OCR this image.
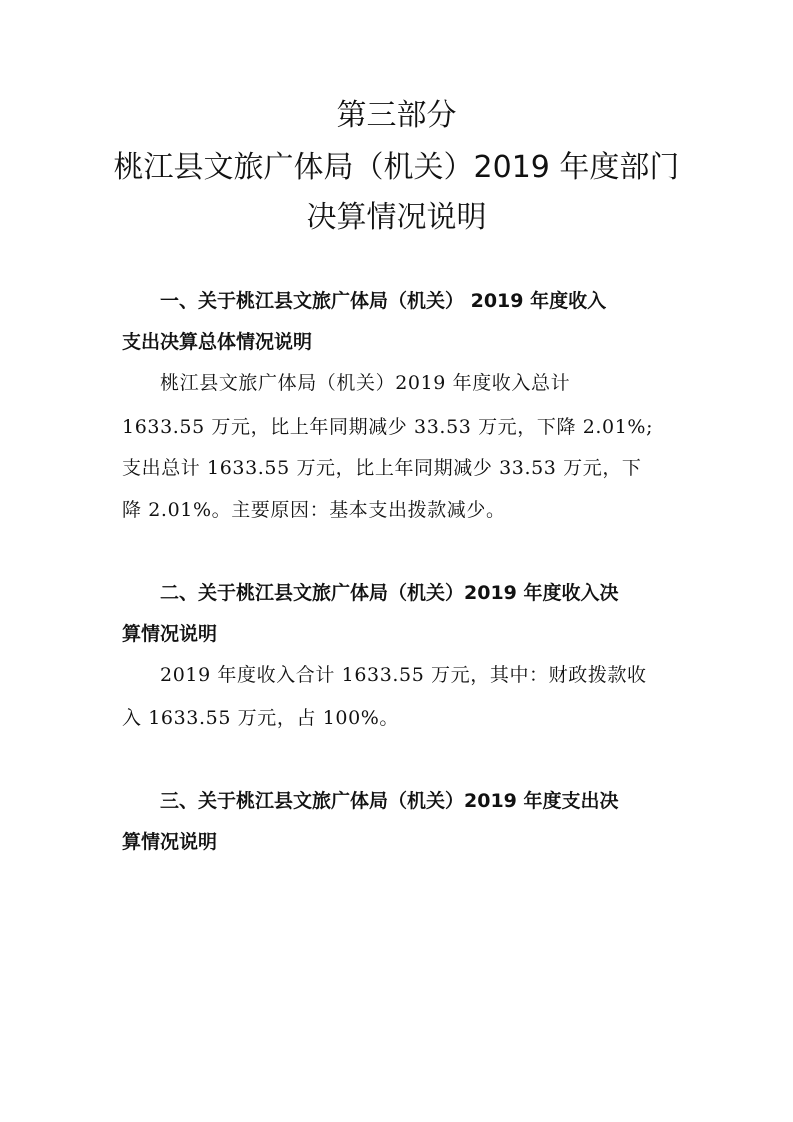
第三部分
桃江县文旅广体局（机关）2019 年度部门
决算情况说明

一、关于桃江县文旅广体局（机关） 2019 年度收入

支出决算总体情况说明

桃江县文旅广体局（机关）2019 年度收入总计

1633.55 万元，比上年同期减少 33.53 万元，下降 2.01%;

支出总计 1633.55 万元，比上年同期减少 33.53 万元，下

降 2.01%。主要原因：基本支出拨款减少。

二、关于桃江县文旅广体局（机关）2019 年度收入决

算情况说明

2019 年度收入合计 1633.55 万元，其中：财政拨款收

入 1633.55 万元，占 100%。

三、关于桃江县文旅广体局（机关）2019 年度支出决

算情况说明
